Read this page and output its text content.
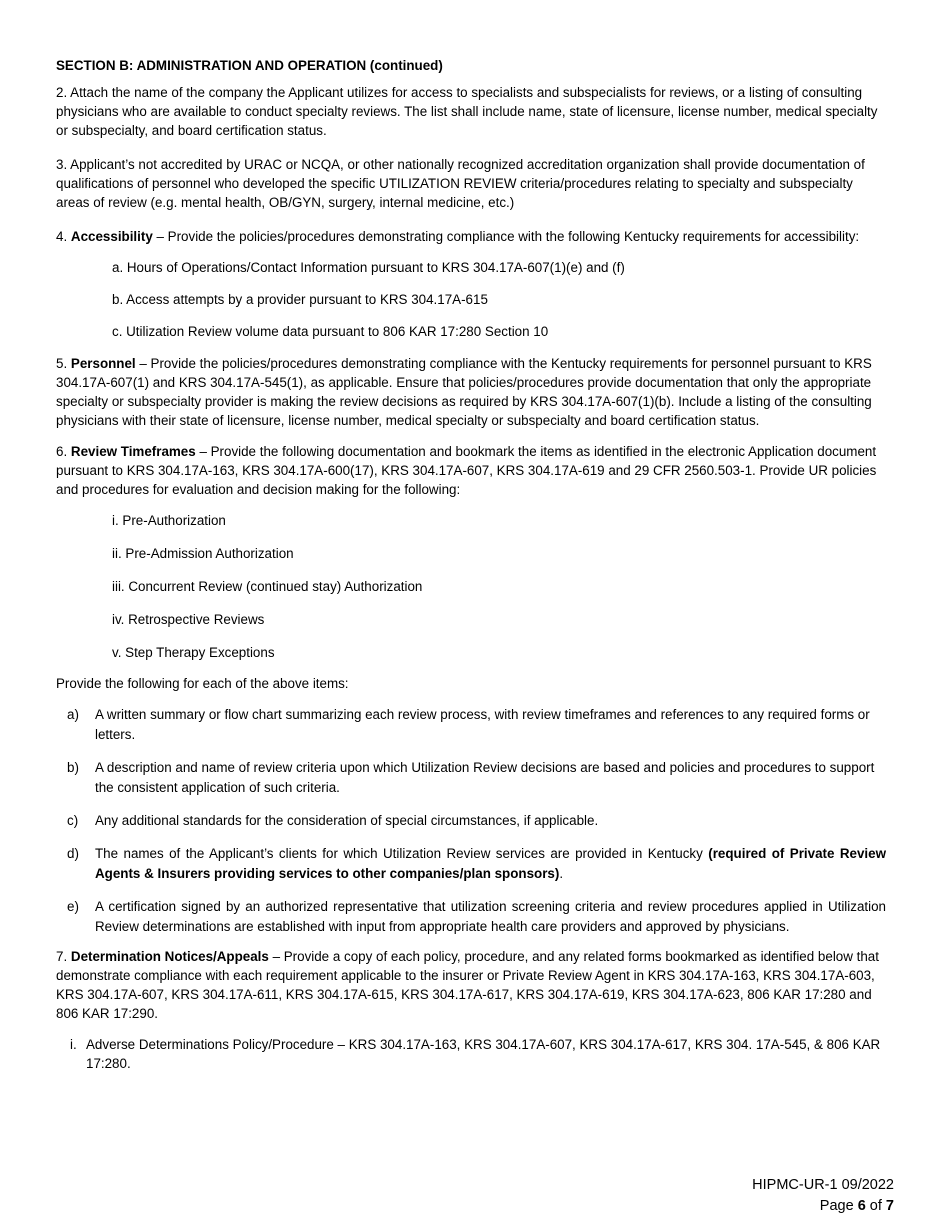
SECTION B: ADMINISTRATION AND OPERATION (continued)
2. Attach the name of the company the Applicant utilizes for access to specialists and subspecialists for reviews, or a listing of consulting physicians who are available to conduct specialty reviews. The list shall include name, state of licensure, license number, medical specialty or subspecialty, and board certification status.
3. Applicant’s not accredited by URAC or NCQA, or other nationally recognized accreditation organization shall provide documentation of qualifications of personnel who developed the specific UTILIZATION REVIEW criteria/procedures relating to specialty and subspecialty areas of review (e.g. mental health, OB/GYN, surgery, internal medicine, etc.)
4. Accessibility – Provide the policies/procedures demonstrating compliance with the following Kentucky requirements for accessibility:
a. Hours of Operations/Contact Information pursuant to KRS 304.17A-607(1)(e) and (f)
b. Access attempts by a provider pursuant to KRS 304.17A-615
c. Utilization Review volume data pursuant to 806 KAR 17:280 Section 10
5. Personnel – Provide the policies/procedures demonstrating compliance with the Kentucky requirements for personnel pursuant to KRS 304.17A-607(1) and KRS 304.17A-545(1), as applicable. Ensure that policies/procedures provide documentation that only the appropriate specialty or subspecialty provider is making the review decisions as required by KRS 304.17A-607(1)(b). Include a listing of the consulting physicians with their state of licensure, license number, medical specialty or subspecialty and board certification status.
6. Review Timeframes – Provide the following documentation and bookmark the items as identified in the electronic Application document pursuant to KRS 304.17A-163, KRS 304.17A-600(17), KRS 304.17A-607, KRS 304.17A-619 and 29 CFR 2560.503-1. Provide UR policies and procedures for evaluation and decision making for the following:
i. Pre-Authorization
ii. Pre-Admission Authorization
iii. Concurrent Review (continued stay) Authorization
iv. Retrospective Reviews
v. Step Therapy Exceptions
Provide the following for each of the above items:
a)	A written summary or flow chart summarizing each review process, with review timeframes and references to any required forms or letters.
b)	A description and name of review criteria upon which Utilization Review decisions are based and policies and procedures to support the consistent application of such criteria.
c)	Any additional standards for the consideration of special circumstances, if applicable.
d)	The names of the Applicant’s clients for which Utilization Review services are provided in Kentucky (required of Private Review Agents & Insurers providing services to other companies/plan sponsors).
e)	A certification signed by an authorized representative that utilization screening criteria and review procedures applied in Utilization Review determinations are established with input from appropriate health care providers and approved by physicians.
7. Determination Notices/Appeals – Provide a copy of each policy, procedure, and any related forms bookmarked as identified below that demonstrate compliance with each requirement applicable to the insurer or Private Review Agent in KRS 304.17A-163, KRS 304.17A-603, KRS 304.17A-607, KRS 304.17A-611, KRS 304.17A-615, KRS 304.17A-617, KRS 304.17A-619, KRS 304.17A-623, 806 KAR 17:280 and 806 KAR 17:290.
i. Adverse Determinations Policy/Procedure – KRS 304.17A-163, KRS 304.17A-607, KRS 304.17A-617, KRS 304. 17A-545, & 806 KAR 17:280.
HIPMC-UR-1 09/2022
Page 6 of 7
